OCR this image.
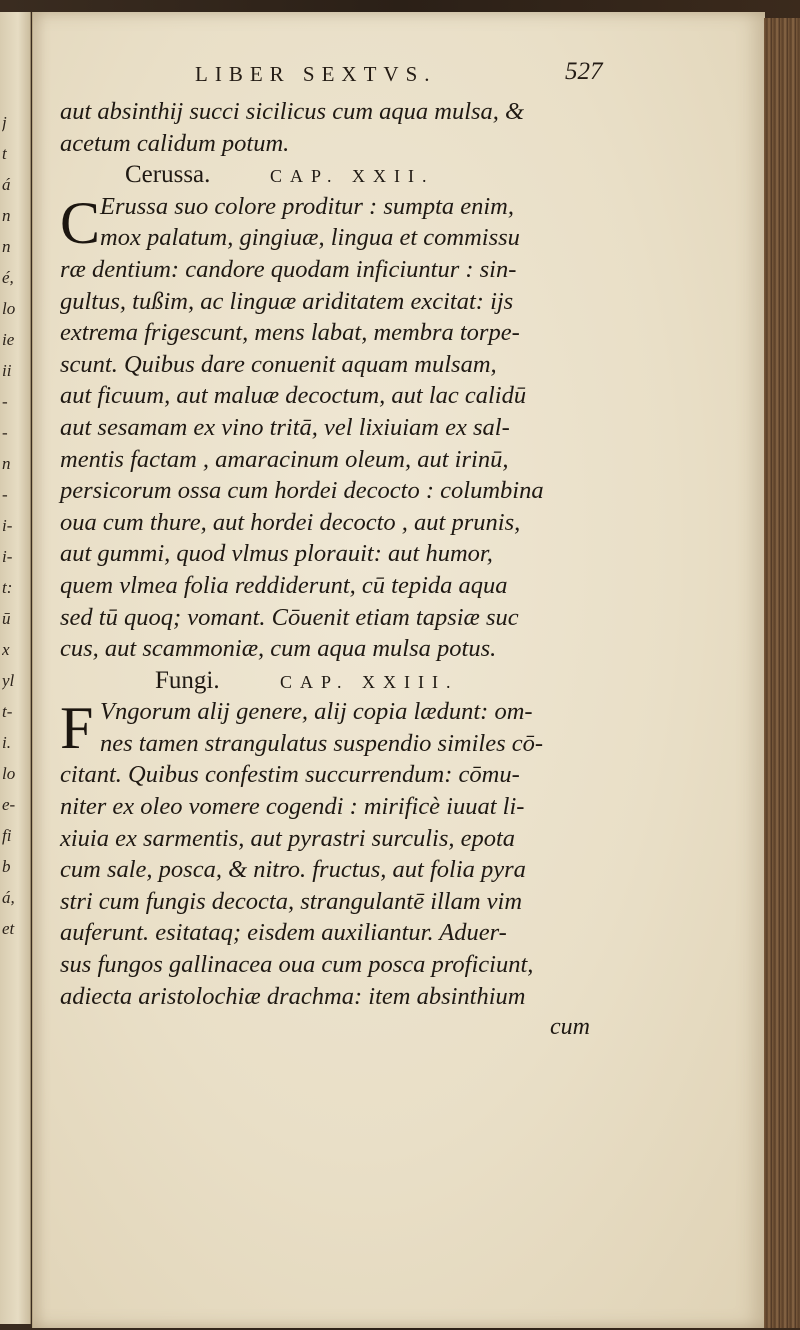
j
t
á
n
n
é,
lo
ie
ii
-
-
n
-
i-
i-
t:
ū
x
yl
t-
i.
lo
e-
fi
b
á,
et
LIBER SEXTVS.	527
aut absinthij succi sicilicus cum aqua mulsa, &
acetum calidum potum.
Cerussa.	CAP. XXII.
C Erussa suo colore proditur : sumpta enim,
mox palatum, gingiuæ, lingua et commissu
ræ dentium: candore quodam inficiuntur : sin-
gultus, tußim, ac linguæ ariditatem excitat: ijs
extrema frigescunt, mens labat, membra torpe-
scunt. Quibus dare conuenit aquam mulsam,
aut ficuum, aut maluæ decoctum, aut lac calidū
aut sesamam ex vino tritā, vel lixiuiam ex sal-
mentis factam , amaracinum oleum, aut irinū,
persicorum ossa cum hordei decocto : columbina
oua cum thure, aut hordei decocto , aut prunis,
aut gummi, quod vlmus plorauit: aut humor,
quem vlmea folia reddiderunt, cū tepida aqua
sed tū quoq; vomant. Cōuenit etiam tapsiæ suc
cus, aut scammoniæ, cum aqua mulsa potus.
Fungi.	CAP. XXIII.
F Vngorum alij genere, alij copia lædunt: om-
nes tamen strangulatus suspendio similes cō-
citant. Quibus confestim succurrendum: cōmu-
niter ex oleo vomere cogendi : mirificè iuuat li-
xiuia ex sarmentis, aut pyrastri surculis, epota
cum sale, posca, & nitro. fructus, aut folia pyra
stri cum fungis decocta, strangulantē illam vim
auferunt. esitataq; eisdem auxiliantur. Aduer-
sus fungos gallinacea oua cum posca proficiunt,
adiecta aristolochiæ drachma: item absinthium
cum
